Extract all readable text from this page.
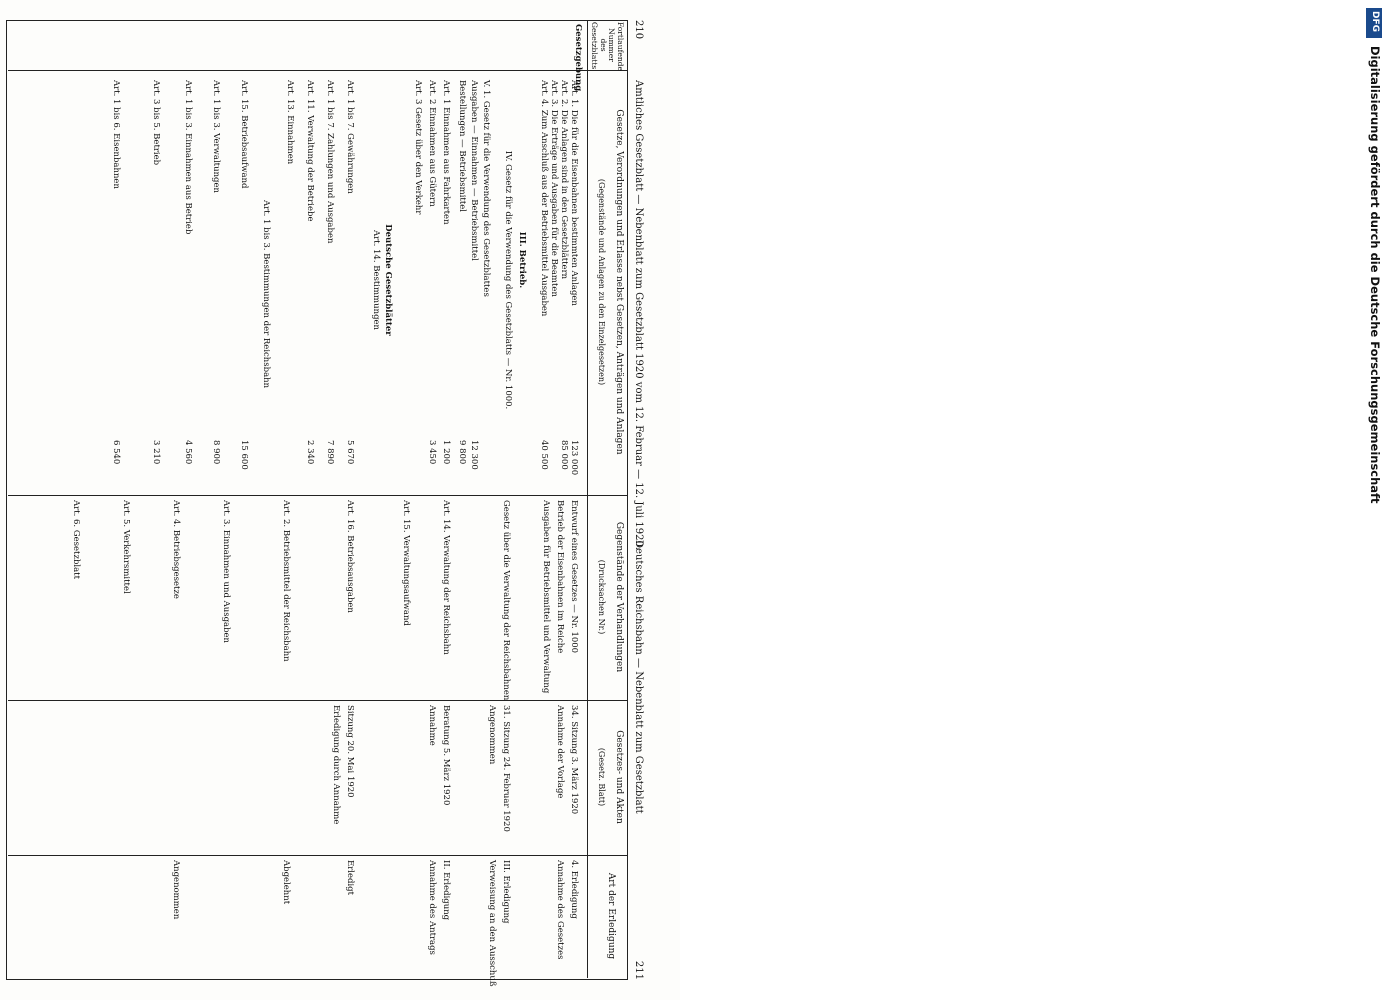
210
Amtliches Gesetzblatt — Nebenblatt zum Gesetzblatt 1920 vom 12. Februar — 12. Juli 1920.
Deutsches Reichsbahn — Nebenblatt zum Gesetzblatt
211
Fortlaufende Nummer des Gesetzblatts
Gesetze, Verordnungen und Erlasse nebst Gesetzen, Anträgen und Anlagen
(Gegenstände und Anlagen zu den Einzelgesetzen)
Gegenstände der Verhandlungen
(Drucksachen Nr.)
Gesetzes- und Akten
(Gesetz. Blatt)
Art der Erledigung
Gesetzgebung
Art. 1. Die für die Eisenbahnen bestimmten Anlagen
Art. 2. Die Anlagen sind in den Gesetzblättern
Art. 3. Die Erträge und Ausgaben für die Beamten
Art. 4. Zum Anschluß aus der Betriebsmittel Ausgaben
III. Betrieb.
IV. Gesetz für die Verwendung des Gesetzblatts — Nr. 1000.
V. 1. Gesetz für die Verwendung des Gesetzblattes
Ausgaben — Einnahmen — Betriebsmittel
Bestellungen — Betriebsmittel
Art. 1 Einnahmen aus Fahrkarten
Art. 2 Einnahmen aus Gütern
Art. 3 Gesetz über den Verkehr
Deutsche Gesetzblätter
Art. 14. Bestimmungen
Art. 1 bis 7. Gewährungen
Art. 1 bis 7. Zahlungen und Ausgaben
Art. 11. Verwaltung der Betriebe
Art. 13. Einnahmen
Art. 1 bis 3. Bestimmungen der Reichsbahn
Art. 15. Betriebsaufwand
Art. 1 bis 3. Verwaltungen
Art. 1 bis 3. Einnahmen aus Betrieb
Art. 3 bis 5. Betrieb
Art. 1 bis 6. Eisenbahnen
123 000
85 000
40 500
12 300
9 800
1 200
3 450
5 670
7 890
2 340
15 600
8 900
4 560
3 210
6 540
Entwurf eines Gesetzes — Nr. 1000
Betrieb der Eisenbahnen im Reiche
Ausgaben für Betriebsmittel und Verwaltung
Gesetz über die Verwaltung der Reichsbahnen
Art. 14. Verwaltung der Reichsbahn
Art. 15. Verwaltungsaufwand
Art. 16. Betriebsausgaben
Art. 2. Betriebsmittel der Reichsbahn
Art. 3. Einnahmen und Ausgaben
Art. 4. Betriebsgesetze
Art. 5. Verkehrsmittel
Art. 6. Gesetzblatt
34. Sitzung 3. März 1920
Annahme der Vorlage
31. Sitzung 24. Februar 1920
Angenommen
Beratung 5. März 1920
Annahme
Sitzung 20. Mai 1920
Erledigung durch Annahme
4. Erledigung
Annahme des Gesetzes
III. Erledigung
Verweisung an den Ausschuß
II. Erledigung
Annahme des Antrags
Erledigt
Abgelehnt
Angenommen
DFG
Digitalisierung gefördert durch die Deutsche Forschungsgemeinschaft
